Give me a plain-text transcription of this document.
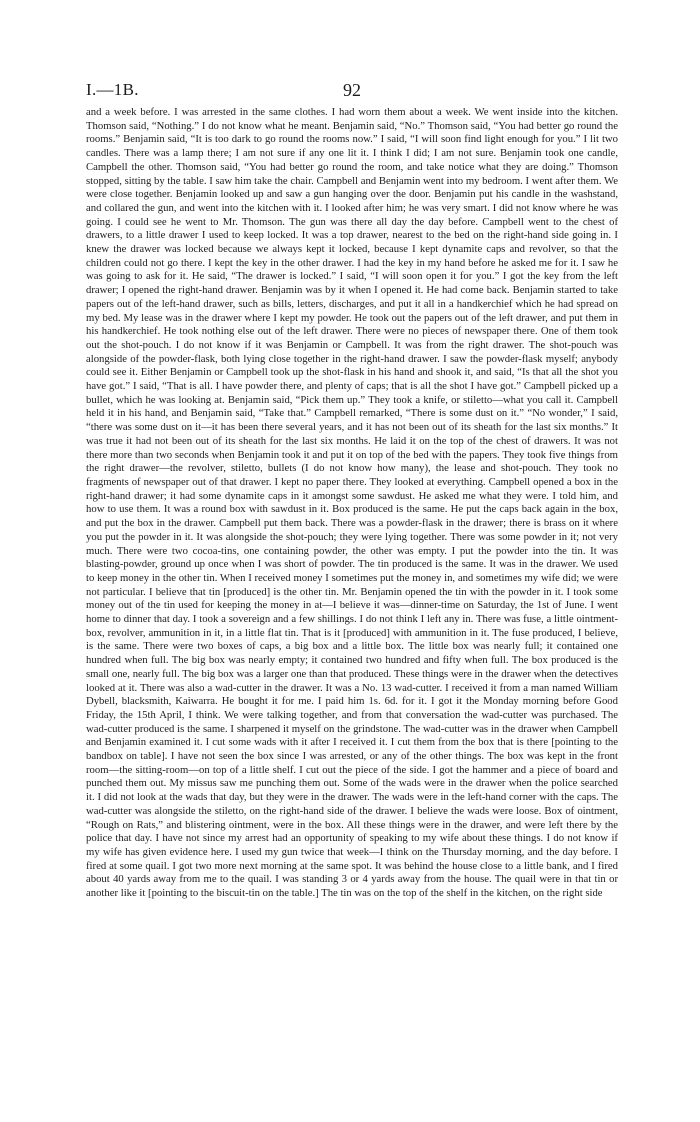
I.—1B.	92

and a week before. I was arrested in the same clothes. I had worn them about a week. We went inside into the kitchen. Thomson said, “Nothing.” I do not know what he meant. Benjamin said, “No.” Thomson said, “You had better go round the rooms.” Benjamin said, “It is too dark to go round the rooms now.” I said, “I will soon find light enough for you.” I lit two candles. There was a lamp there; I am not sure if any one lit it. I think I did; I am not sure. Benjamin took one candle, Campbell the other. Thomson said, “You had better go round the room, and take notice what they are doing.” Thomson stopped, sitting by the table. I saw him take the chair. Campbell and Benjamin went into my bedroom. I went after them. We were close together. Benjamin looked up and saw a gun hanging over the door. Benjamin put his candle in the washstand, and collared the gun, and went into the kitchen with it. I looked after him; he was very smart. I did not know where he was going. I could see he went to Mr. Thomson. The gun was there all day the day before. Campbell went to the chest of drawers, to a little drawer I used to keep locked. It was a top drawer, nearest to the bed on the right-hand side going in. I knew the drawer was locked because we always kept it locked, because I kept dynamite caps and revolver, so that the children could not go there. I kept the key in the other drawer. I had the key in my hand before he asked me for it. I saw he was going to ask for it. He said, “The drawer is locked.” I said, “I will soon open it for you.” I got the key from the left drawer; I opened the right-hand drawer. Benjamin was by it when I opened it. He had come back. Benjamin started to take papers out of the left-hand drawer, such as bills, letters, discharges, and put it all in a handkerchief which he had spread on my bed. My lease was in the drawer where I kept my powder. He took out the papers out of the left drawer, and put them in his handkerchief. He took nothing else out of the left drawer. There were no pieces of newspaper there. One of them took out the shot-pouch. I do not know if it was Benjamin or Campbell. It was from the right drawer. The shot-pouch was alongside of the powder-flask, both lying close together in the right-hand drawer. I saw the powder-flask myself; anybody could see it. Either Benjamin or Campbell took up the shot-flask in his hand and shook it, and said, “Is that all the shot you have got.” I said, “That is all. I have powder there, and plenty of caps; that is all the shot I have got.” Campbell picked up a bullet, which he was looking at. Benjamin said, “Pick them up.” They took a knife, or stiletto—what you call it. Campbell held it in his hand, and Benjamin said, “Take that.” Campbell remarked, “There is some dust on it.” “No wonder,” I said, “there was some dust on it—it has been there several years, and it has not been out of its sheath for the last six months.” It was true it had not been out of its sheath for the last six months. He laid it on the top of the chest of drawers. It was not there more than two seconds when Benjamin took it and put it on top of the bed with the papers. They took five things from the right drawer—the revolver, stiletto, bullets (I do not know how many), the lease and shot-pouch. They took no fragments of newspaper out of that drawer. I kept no paper there. They looked at everything. Campbell opened a box in the right-hand drawer; it had some dynamite caps in it amongst some sawdust. He asked me what they were. I told him, and how to use them. It was a round box with sawdust in it. Box produced is the same. He put the caps back again in the box, and put the box in the drawer. Campbell put them back. There was a powder-flask in the drawer; there is brass on it where you put the powder in it. It was alongside the shot-pouch; they were lying together. There was some powder in it; not very much. There were two cocoa-tins, one containing powder, the other was empty. I put the powder into the tin. It was blasting-powder, ground up once when I was short of powder. The tin produced is the same. It was in the drawer. We used to keep money in the other tin. When I received money I sometimes put the money in, and sometimes my wife did; we were not particular. I believe that tin [produced] is the other tin. Mr. Benjamin opened the tin with the powder in it. I took some money out of the tin used for keeping the money in at—I believe it was—dinner-time on Saturday, the 1st of June. I went home to dinner that day. I took a sovereign and a few shillings. I do not think I left any in. There was fuse, a little ointment-box, revolver, ammunition in it, in a little flat tin. That is it [produced] with ammunition in it. The fuse produced, I believe, is the same. There were two boxes of caps, a big box and a little box. The little box was nearly full; it contained one hundred when full. The big box was nearly empty; it contained two hundred and fifty when full. The box produced is the small one, nearly full. The big box was a larger one than that produced. These things were in the drawer when the detectives looked at it. There was also a wad-cutter in the drawer. It was a No. 13 wad-cutter. I received it from a man named William Dybell, blacksmith, Kaiwarra. He bought it for me. I paid him 1s. 6d. for it. I got it the Monday morning before Good Friday, the 15th April, I think. We were talking together, and from that conversation the wad-cutter was purchased. The wad-cutter produced is the same. I sharpened it myself on the grindstone. The wad-cutter was in the drawer when Campbell and Benjamin examined it. I cut some wads with it after I received it. I cut them from the box that is there [pointing to the bandbox on table]. I have not seen the box since I was arrested, or any of the other things. The box was kept in the front room—the sitting-room—on top of a little shelf. I cut out the piece of the side. I got the hammer and a piece of board and punched them out. My missus saw me punching them out. Some of the wads were in the drawer when the police searched it. I did not look at the wads that day, but they were in the drawer. The wads were in the left-hand corner with the caps. The wad-cutter was alongside the stiletto, on the right-hand side of the drawer. I believe the wads were loose. Box of ointment, “Rough on Rats,” and blistering ointment, were in the box. All these things were in the drawer, and were left there by the police that day. I have not since my arrest had an opportunity of speaking to my wife about these things. I do not know if my wife has given evidence here. I used my gun twice that week—I think on the Thursday morning, and the day before. I fired at some quail. I got two more next morning at the same spot. It was behind the house close to a little bank, and I fired about 40 yards away from me to the quail. I was standing 3 or 4 yards away from the house. The quail were in that tin or another like it [pointing to the biscuit-tin on the table.] The tin was on the top of the shelf in the kitchen, on the right side
